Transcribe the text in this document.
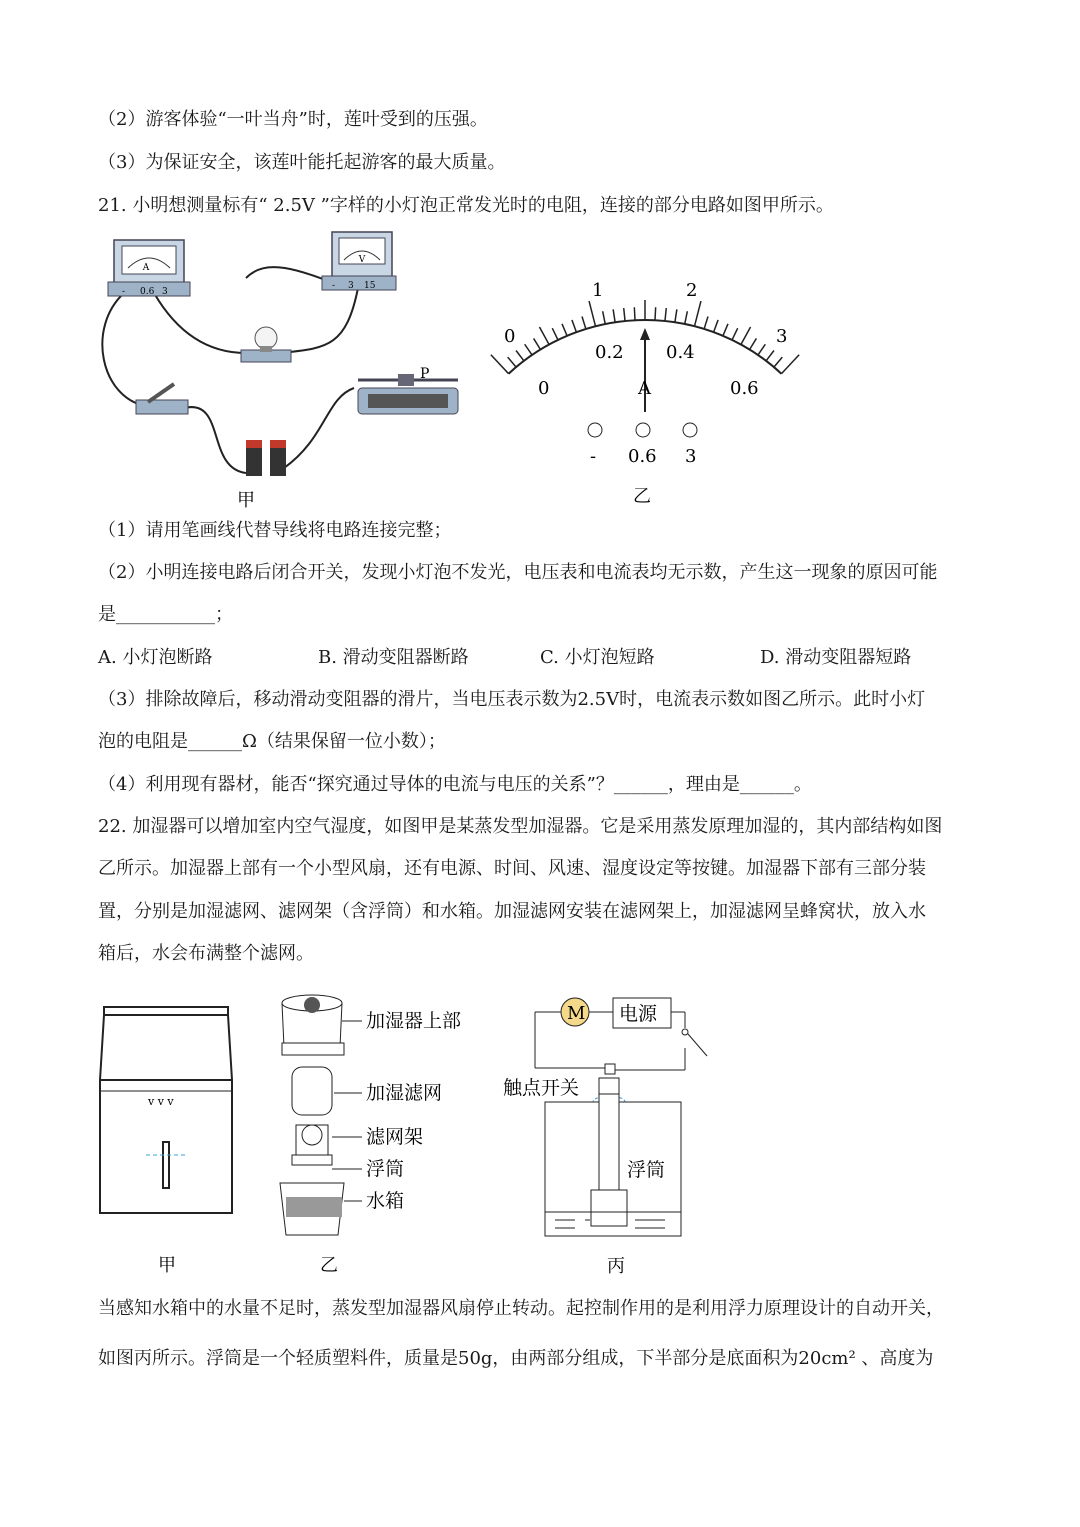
（2）游客体验“一叶当舟”时，莲叶受到的压强。
（3）为保证安全，该莲叶能托起游客的最大质量。
21. 小明想测量标有“ 2.5V ”字样的小灯泡正常发光时的电阻，连接的部分电路如图甲所示。
A
- 0.6 3
V
- 3 15
P
甲
0
1	2
3
0
0.2 0.4
0.6
A
- 0.6 3
乙
（1）请用笔画线代替导线将电路连接完整；
（2）小明连接电路后闭合开关，发现小灯泡不发光，电压表和电流表均无示数，产生这一现象的原因可能
是___________；
A. 小灯泡断路	B. 滑动变阻器断路	C. 小灯泡短路	D. 滑动变阻器短路
（3）排除故障后，移动滑动变阻器的滑片，当电压表示数为2.5V时，电流表示数如图乙所示。此时小灯
泡的电阻是______Ω（结果保留一位小数）；
（4）利用现有器材，能否“探究通过导体的电流与电压的关系”？______，理由是______。
22. 加湿器可以增加室内空气湿度，如图甲是某蒸发型加湿器。它是采用蒸发原理加湿的，其内部结构如图
乙所示。加湿器上部有一个小型风扇，还有电源、时间、风速、湿度设定等按键。加湿器下部有三部分装
置，分别是加湿滤网、滤网架（含浮筒）和水箱。加湿滤网安装在滤网架上，加湿滤网呈蜂窝状，放入水
箱后，水会布满整个滤网。
v v v
甲
加湿器上部
加湿滤网
滤网架
浮筒
水箱
乙
M 电源
触点开关
浮筒
丙
当感知水箱中的水量不足时，蒸发型加湿器风扇停止转动。起控制作用的是利用浮力原理设计的自动开关，
如图丙所示。浮筒是一个轻质塑料件，质量是50g，由两部分组成，下半部分是底面积为20cm² 、高度为
